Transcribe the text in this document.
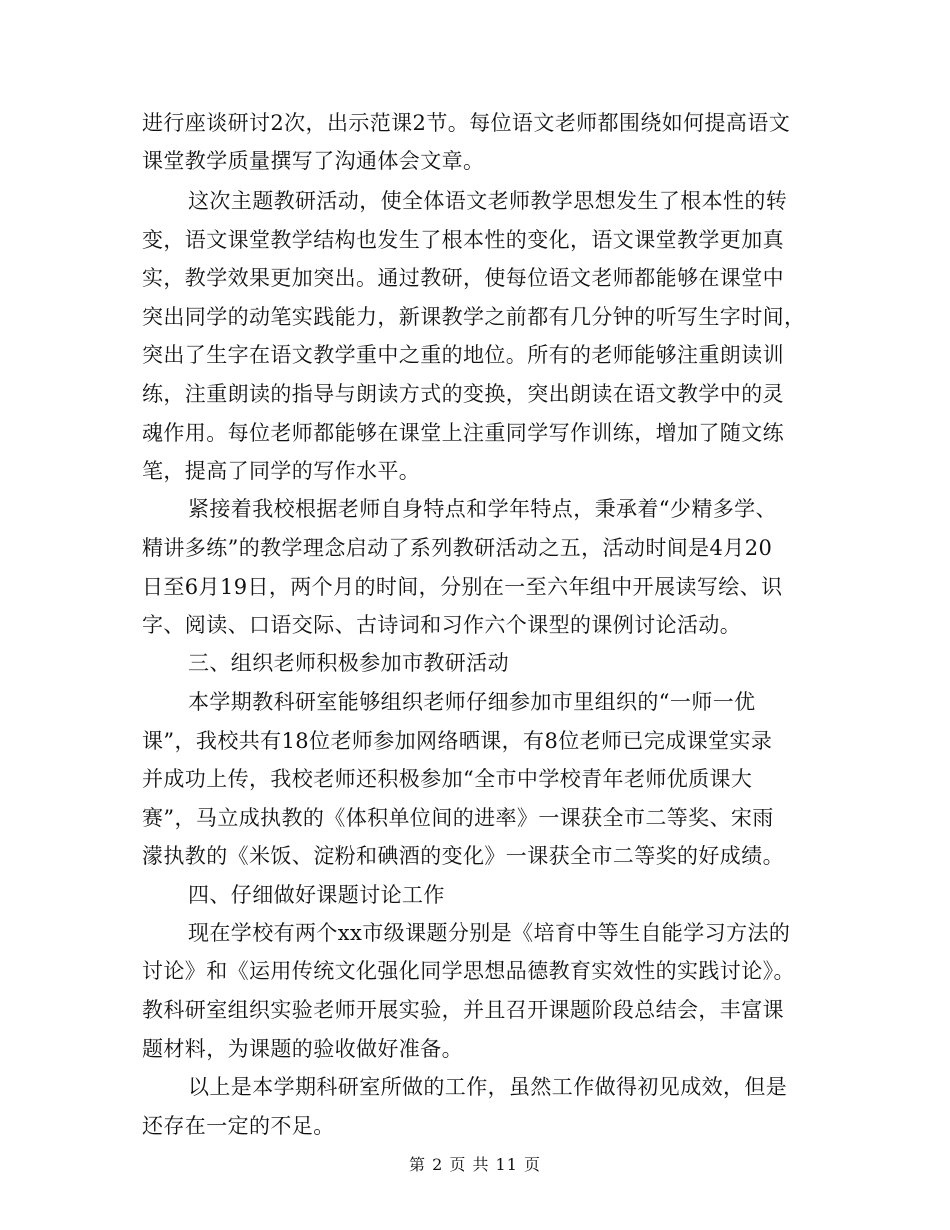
进行座谈研讨2次，出示范课2节。每位语文老师都围绕如何提高语文
课堂教学质量撰写了沟通体会文章。
这次主题教研活动，使全体语文老师教学思想发生了根本性的转
变，语文课堂教学结构也发生了根本性的变化，语文课堂教学更加真
实，教学效果更加突出。通过教研，使每位语文老师都能够在课堂中
突出同学的动笔实践能力，新课教学之前都有几分钟的听写生字时间，
突出了生字在语文教学重中之重的地位。所有的老师能够注重朗读训
练，注重朗读的指导与朗读方式的变换，突出朗读在语文教学中的灵
魂作用。每位老师都能够在课堂上注重同学写作训练，增加了随文练
笔，提高了同学的写作水平。
紧接着我校根据老师自身特点和学年特点，秉承着“少精多学、
精讲多练”的教学理念启动了系列教研活动之五，活动时间是4月20
日至6月19日，两个月的时间，分别在一至六年组中开展读写绘、识
字、阅读、口语交际、古诗词和习作六个课型的课例讨论活动。
三、组织老师积极参加市教研活动
本学期教科研室能够组织老师仔细参加市里组织的“一师一优
课”，我校共有18位老师参加网络晒课，有8位老师已完成课堂实录
并成功上传，我校老师还积极参加“全市中学校青年老师优质课大
赛”，马立成执教的《体积单位间的进率》一课获全市二等奖、宋雨
濛执教的《米饭、淀粉和碘酒的变化》一课获全市二等奖的好成绩。
四、仔细做好课题讨论工作
现在学校有两个xx市级课题分别是《培育中等生自能学习方法的
讨论》和《运用传统文化强化同学思想品德教育实效性的实践讨论》。
教科研室组织实验老师开展实验，并且召开课题阶段总结会，丰富课
题材料，为课题的验收做好准备。
以上是本学期科研室所做的工作，虽然工作做得初见成效，但是
还存在一定的不足。
第 2 页 共 11 页
